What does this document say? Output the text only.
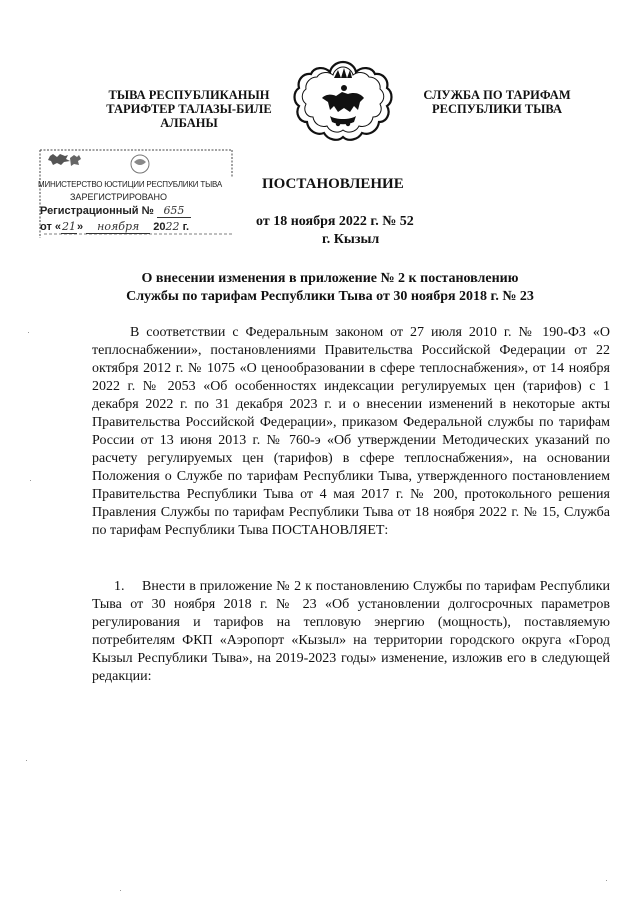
ТЫВА РЕСПУБЛИКАНЫН
ТАРИФТЕР ТАЛАЗЫ-БИЛЕ
АЛБАНЫ
СЛУЖБА ПО ТАРИФАМ
РЕСПУБЛИКИ ТЫВА
МИНИСТЕРСТВО ЮСТИЦИИ РЕСПУБЛИКИ ТЫВА
ЗАРЕГИСТРИРОВАНО
Регистрационный № 655
от «21» ноября 2022 г.
ПОСТАНОВЛЕНИЕ
от 18 ноября 2022 г. № 52
г. Кызыл
О внесении изменения в приложение № 2 к постановлению
Службы по тарифам Республики Тыва от 30 ноября 2018 г. № 23
В соответствии с Федеральным законом от 27 июля 2010 г. № 190-ФЗ «О теплоснабжении», постановлениями Правительства Российской Федерации от 22 октября 2012 г. № 1075 «О ценообразовании в сфере теплоснабжения», от 14 ноября 2022 г. № 2053 «Об особенностях индексации регулируемых цен (тарифов) с 1 декабря 2022 г. по 31 декабря 2023 г. и о внесении изменений в некоторые акты Правительства Российской Федерации», приказом Федеральной службы по тарифам России от 13 июня 2013 г. № 760-э «Об утверждении Методических указаний по расчету регулируемых цен (тарифов) в сфере теплоснабжения», на основании Положения о Службе по тарифам Республики Тыва, утвержденного постановлением Правительства Республики Тыва от 4 мая 2017 г. № 200, протокольного решения Правления Службы по тарифам Республики Тыва от 18 ноября 2022 г. № 15, Служба по тарифам Республики Тыва ПОСТАНОВЛЯЕТ:
1. Внести в приложение № 2 к постановлению Службы по тарифам Республики Тыва от 30 ноября 2018 г. № 23 «Об установлении долгосрочных параметров регулирования и тарифов на тепловую энергию (мощность), поставляемую потребителям ФКП «Аэропорт «Кызыл» на территории городского округа «Город Кызыл Республики Тыва», на 2019-2023 годы» изменение, изложив его в следующей редакции:
